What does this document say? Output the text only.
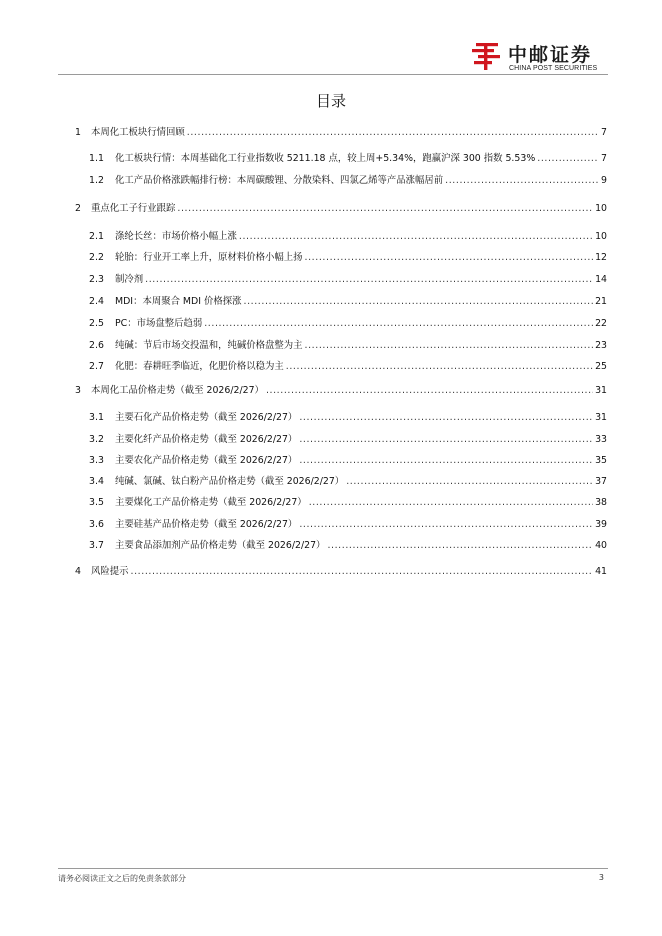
中邮证券
CHINA POST SECURITIES
目录
1	本周化工板块行情回顾 .....	7
1.1	化工板块行情：本周基础化工行业指数收 5211.18 点，较上周+5.34%，跑赢沪深 300 指数 5.53% .....	7
1.2	化工产品价格涨跌幅排行榜：本周碳酸锂、分散染料、四氯乙烯等产品涨幅居前 .....	9
2	重点化工子行业跟踪 .....	10
2.1	涤纶长丝：市场价格小幅上涨 .....	10
2.2	轮胎：行业开工率上升，原材料价格小幅上扬 .....	12
2.3	制冷剂 .....	14
2.4	MDI：本周聚合 MDI 价格探涨 .....	21
2.5	PC：市场盘整后趋弱 .....	22
2.6	纯碱：节后市场交投温和，纯碱价格盘整为主 .....	23
2.7	化肥：春耕旺季临近，化肥价格以稳为主 .....	25
3	本周化工品价格走势（截至 2026/2/27） .....	31
3.1	主要石化产品价格走势（截至 2026/2/27） .....	31
3.2	主要化纤产品价格走势（截至 2026/2/27） .....	33
3.3	主要农化产品价格走势（截至 2026/2/27） .....	35
3.4	纯碱、氯碱、钛白粉产品价格走势（截至 2026/2/27） .....	37
3.5	主要煤化工产品价格走势（截至 2026/2/27） .....	38
3.6	主要硅基产品价格走势（截至 2026/2/27） .....	39
3.7	主要食品添加剂产品价格走势（截至 2026/2/27） .....	40
4	风险提示 .....	41
请务必阅读正文之后的免责条款部分	3
